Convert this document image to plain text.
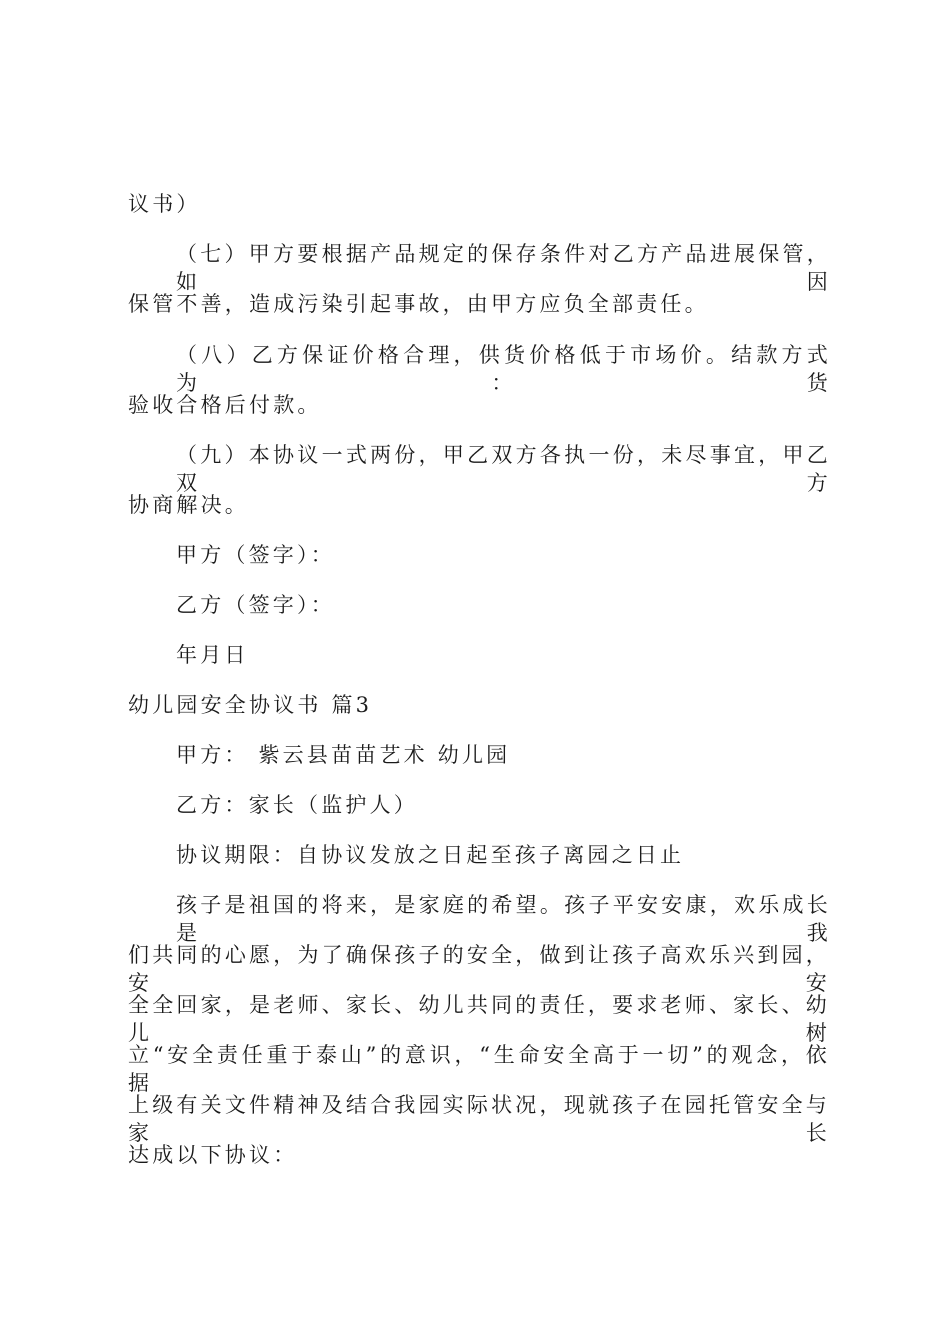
议书）
（七）甲方要根据产品规定的保存条件对乙方产品进展保管，如因
保管不善，造成污染引起事故，由甲方应负全部责任。
（八）乙方保证价格合理，供货价格低于市场价。结款方式为：货
验收合格后付款。
（九）本协议一式两份，甲乙双方各执一份，未尽事宜，甲乙双方
协商解决。
甲方（签字）：
乙方（签字）：
年月日
幼儿园安全协议书 篇3
甲方： 紫云县苗苗艺术 幼儿园
乙方：家长（监护人）
协议期限：自协议发放之日起至孩子离园之日止
孩子是祖国的将来，是家庭的希望。孩子平安安康，欢乐成长是我
们共同的心愿，为了确保孩子的安全，做到让孩子高欢乐兴到园，安安
全全回家，是老师、家长、幼儿共同的责任，要求老师、家长、幼儿树
立“安全责任重于泰山”的意识，“生命安全高于一切”的观念，依据
上级有关文件精神及结合我园实际状况，现就孩子在园托管安全与家长
达成以下协议：
